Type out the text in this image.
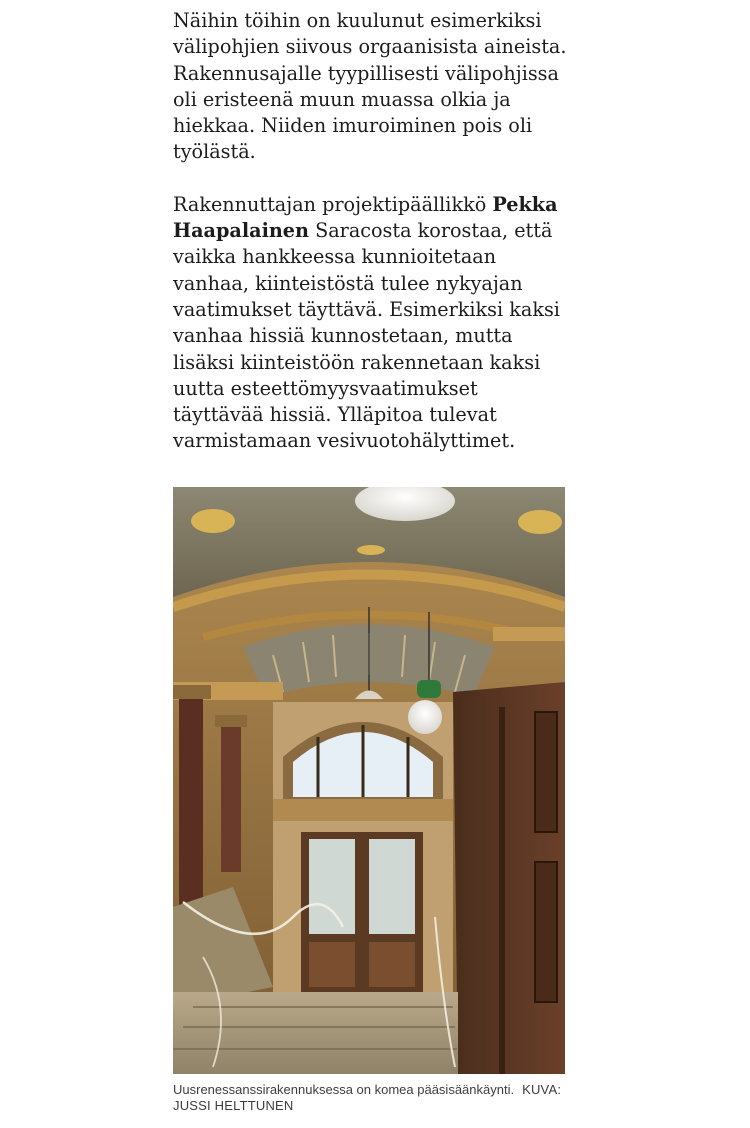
Näihin töihin on kuulunut esimerkiksi välipohjien siivous orgaanisista aineista. Rakennusajalle tyypillisesti välipohjissa oli eristeenä muun muassa olkia ja hiekkaa. Niiden imuroiminen pois oli työlästä.

Rakennuttajan projektipäällikkö Pekka Haapalainen Saracosta korostaa, että vaikka hankkeessa kunnioitetaan vanhaa, kiinteistöstä tulee nykyajan vaatimukset täyttävä. Esimerkiksi kaksi vanhaa hissiä kunnostetaan, mutta lisäksi kiinteistöön rakennetaan kaksi uutta esteettömyysvaatimukset täyttävää hissiä. Ylläpitoa tulevat varmistamaan vesivuotohälyttimet.

Uusrenessanssirakennuksessa on komea pääsisäänkäynti. KUVA: JUSSI HELTTUNEN
